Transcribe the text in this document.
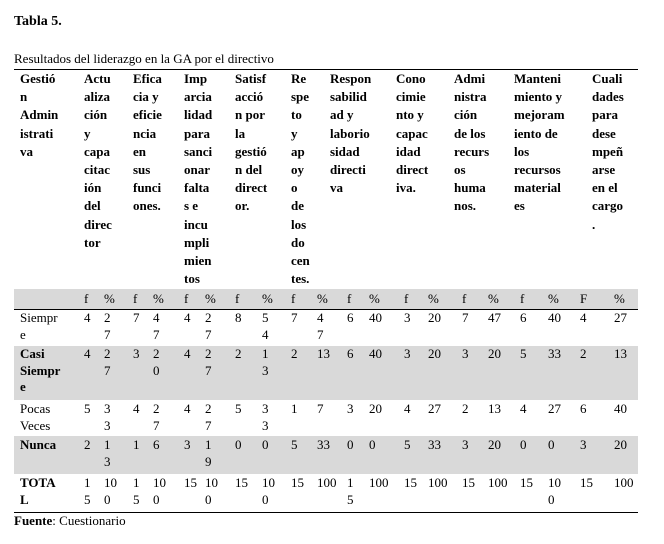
Tabla 5.
Resultados del liderazgo en la GA por el directivo
Gestió
n
Admin
istrati
va
Actu
aliza
ción
y
capa
citac
ión
del
direc
tor
Efica
cia y
eficie
ncia
en
sus
funci
ones.
Imp
arcia
lidad
para
sanci
onar
falta
s e
incu
mpli
mien
tos
Satisf
acció
n por
la
gestió
n del
direct
or.
Re
spe
to
y
ap
oy
o
de
los
do
cen
tes.
Respon
sabilid
ad y
laborio
sidad
directi
va
Cono
cimie
nto y
capac
idad
direct
iva.
Admi
nistra
ción
de los
recurs
os
huma
nos.
Manteni
miento y
mejoram
iento de
los
recursos
material
es
Cuali
dades
para
dese
mpeñ
arse
en el
cargo
.
f % f % f % f % f % f % f % f % f % F %
Siempr
e
4 2
7
7 4
7
4 2
7
8 5
4
7 4
7
6 40 3 20 7 47 6 40 4 27
Casi
Siempr
e
4 2
7
3 2
0
4 2
7
2 1
3
2 13 6 40 3 20 3 20 5 33 2 13
Pocas
Veces
5 3
3
4 2
7
4 2
7
5 3
3
1 7 3 20 4 27 2 13 4 27 6 40
Nunca 2 1
3
1 6 3 1
9
0 0 5 33 0 0 5 33 3 20 0 0 3 20
TOTA
L
1
5
10
0
1
5
10
0
15 10
0
15 10
0
15 100 1
5
100 15 100 15 100 15 10
0
15 100
Fuente: Cuestionario
